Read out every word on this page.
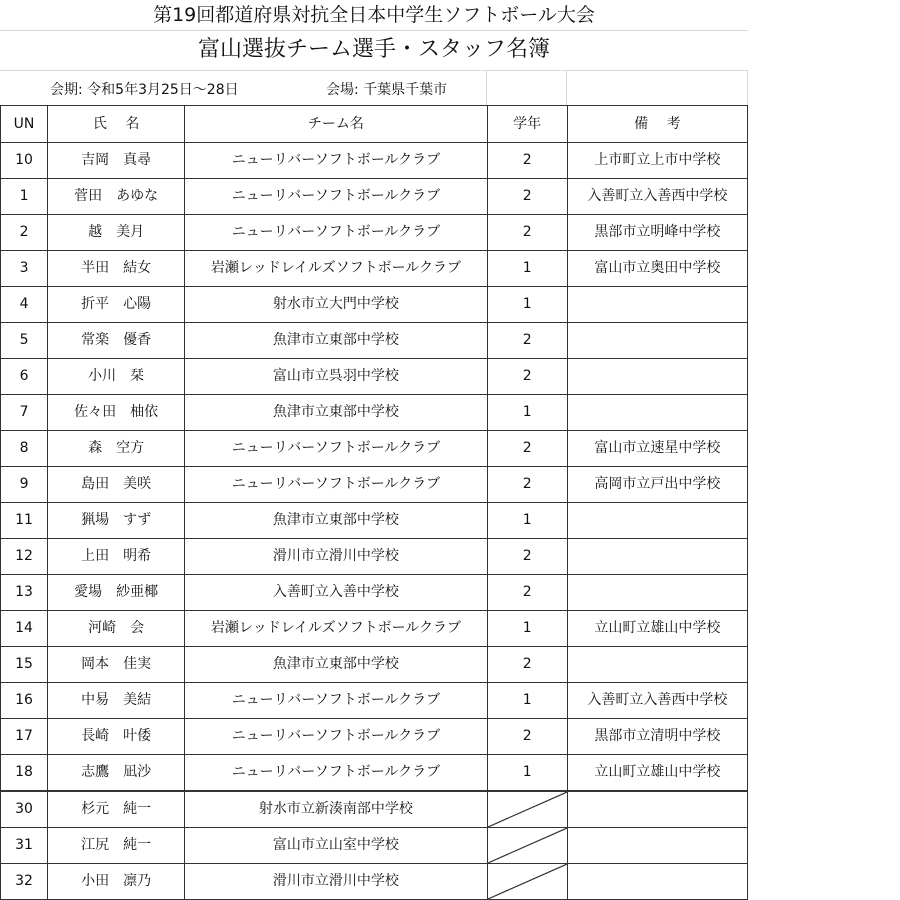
第19回都道府県対抗全日本中学生ソフトボール大会
富山選抜チーム選手・スタッフ名簿
会期: 令和5年3月25日～28日	会場: 千葉県千葉市
UN	氏　 名	チーム名	学年	備　 考
10	吉岡　真尋	ニューリバーソフトボールクラブ	2	上市町立上市中学校
1	菅田　あゆな	ニューリバーソフトボールクラブ	2	入善町立入善西中学校
2	越　美月	ニューリバーソフトボールクラブ	2	黒部市立明峰中学校
3	半田　結女	岩瀬レッドレイルズソフトボールクラブ	1	富山市立奥田中学校
4	折平　心陽	射水市立大門中学校	1	
5	常楽　優香	魚津市立東部中学校	2	
6	小川　栞	富山市立呉羽中学校	2	
7	佐々田　柚依	魚津市立東部中学校	1	
8	森　空方	ニューリバーソフトボールクラブ	2	富山市立速星中学校
9	島田　美咲	ニューリバーソフトボールクラブ	2	高岡市立戸出中学校
11	猟場　すず	魚津市立東部中学校	1	
12	上田　明希	滑川市立滑川中学校	2	
13	愛場　紗亜椰	入善町立入善中学校	2	
14	河崎　会	岩瀬レッドレイルズソフトボールクラブ	1	立山町立雄山中学校
15	岡本　佳実	魚津市立東部中学校	2	
16	中易　美結	ニューリバーソフトボールクラブ	1	入善町立入善西中学校
17	長崎　叶倭	ニューリバーソフトボールクラブ	2	黒部市立清明中学校
18	志鷹　凪沙	ニューリバーソフトボールクラブ	1	立山町立雄山中学校
30	杉元　純一	射水市立新湊南部中学校	

31	江尻　純一	富山市立山室中学校	

32	小田　凛乃	滑川市立滑川中学校	
